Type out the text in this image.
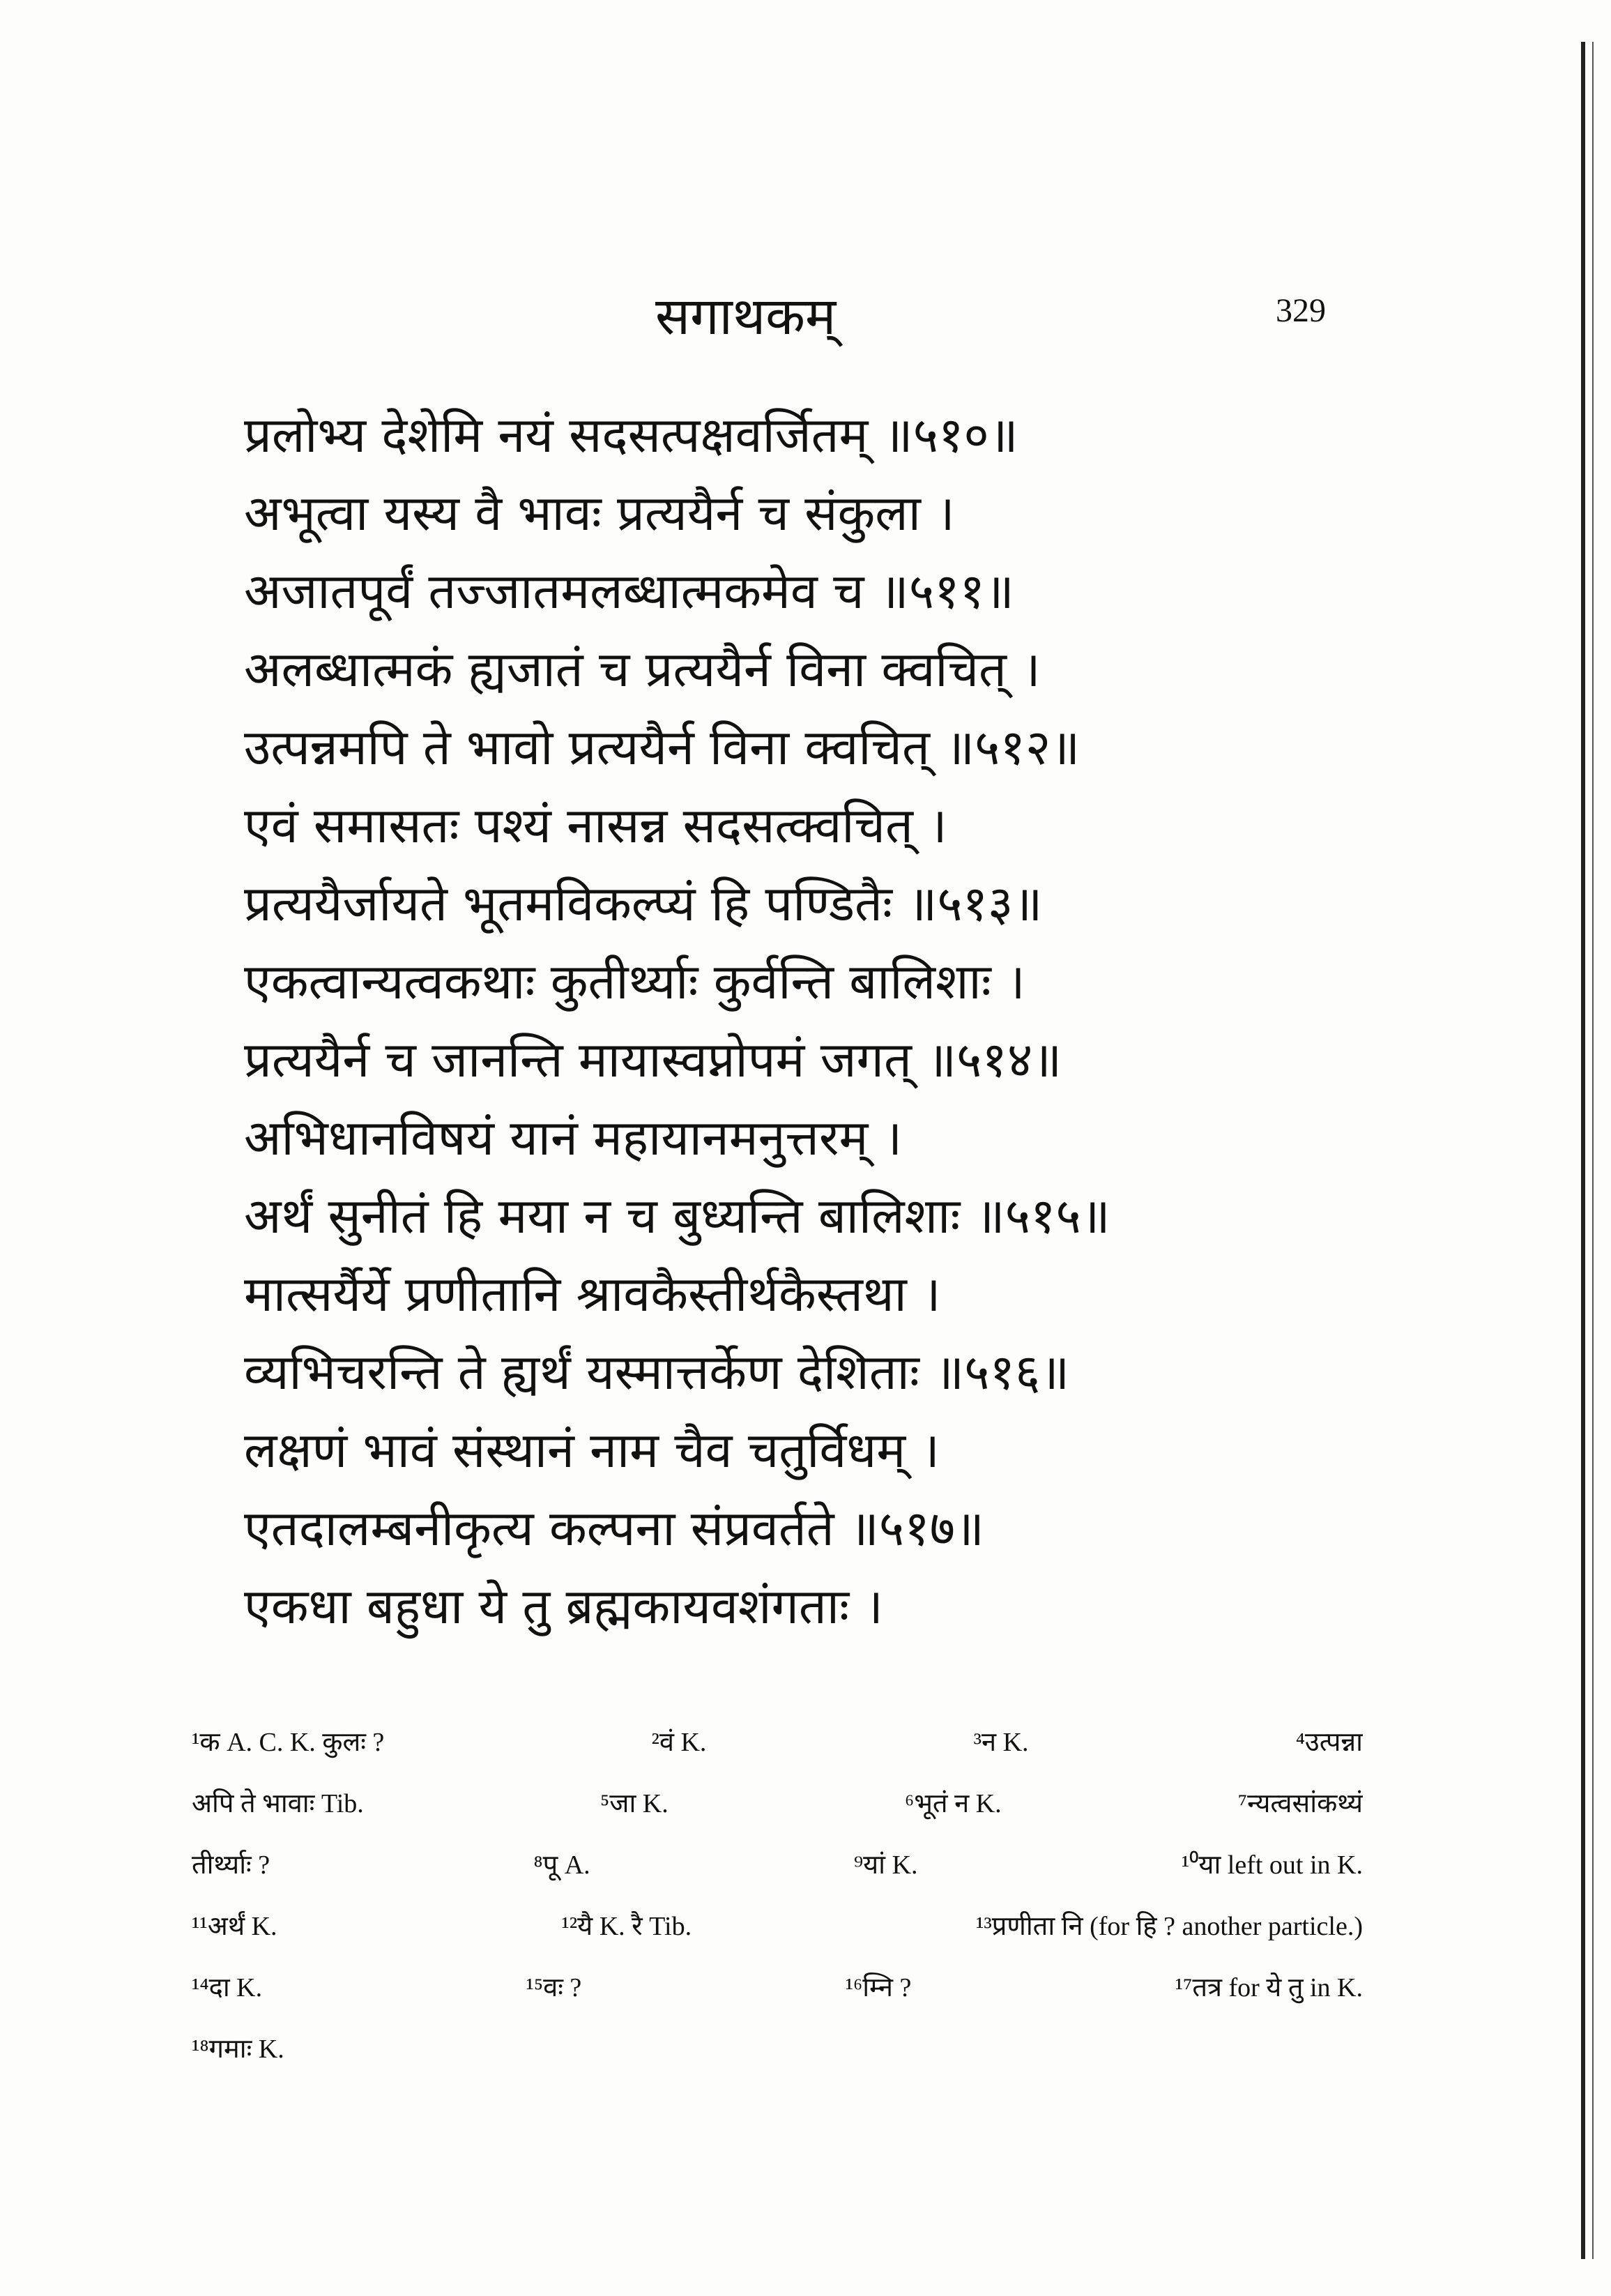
सगाथकम्	329
प्रलोभ्य देशेमि नयं सदसत्पक्षवर्जितम् ॥५१०॥
अभूत्वा यस्य वै भावः प्रत्ययैर्न च संकुला ।
अजातपूर्वं तज्जातमलब्धात्मकमेव च ॥५११॥
अलब्धात्मकं ह्यजातं च प्रत्ययैर्न विना क्वचित् ।
उत्पन्नमपि ते भावो प्रत्ययैर्न विना क्वचित् ॥५१२॥
एवं समासतः पश्यं नासन्न सदसत्क्वचित् ।
प्रत्ययैर्जायते भूतमविकल्प्यं हि पण्डितैः ॥५१३॥
एकत्वान्यत्वकथाः कुतीर्थ्याः कुर्वन्ति बालिशाः ।
प्रत्ययैर्न च जानन्ति मायास्वप्नोपमं जगत् ॥५१४॥
अभिधानविषयं यानं महायानमनुत्तरम् ।
अर्थं सुनीतं हि मया न च बुध्यन्ति बालिशाः ॥५१५॥
मात्सर्यैर्ये प्रणीतानि श्रावकैस्तीर्थकैस्तथा ।
व्यभिचरन्ति ते ह्यर्थं यस्मात्तर्केण देशिताः ॥५१६॥
लक्षणं भावं संस्थानं नाम चैव चतुर्विधम् ।
एतदालम्बनीकृत्य कल्पना संप्रवर्तते ॥५१७॥
एकधा बहुधा ये तु ब्रह्मकायवशंगताः ।
¹क A. C. K. कुलः ?	²वं K.	³न K.	⁴उत्पन्ना
अपि ते भावाः Tib.	⁵जा K.	⁶भूतं न K.	⁷न्यत्वसांकथ्यं
तीर्थ्याः ?	⁸पू A.	⁹यां K.	¹⁰या left out in K.
¹¹अर्थं K.	¹²यै K. रै Tib.	¹³प्रणीता नि (for हि ? another particle.)
¹⁴दा K.	¹⁵वः ?	¹⁶म्नि ?	¹⁷तत्र for ये तु in K.
¹⁸गमाः K.
